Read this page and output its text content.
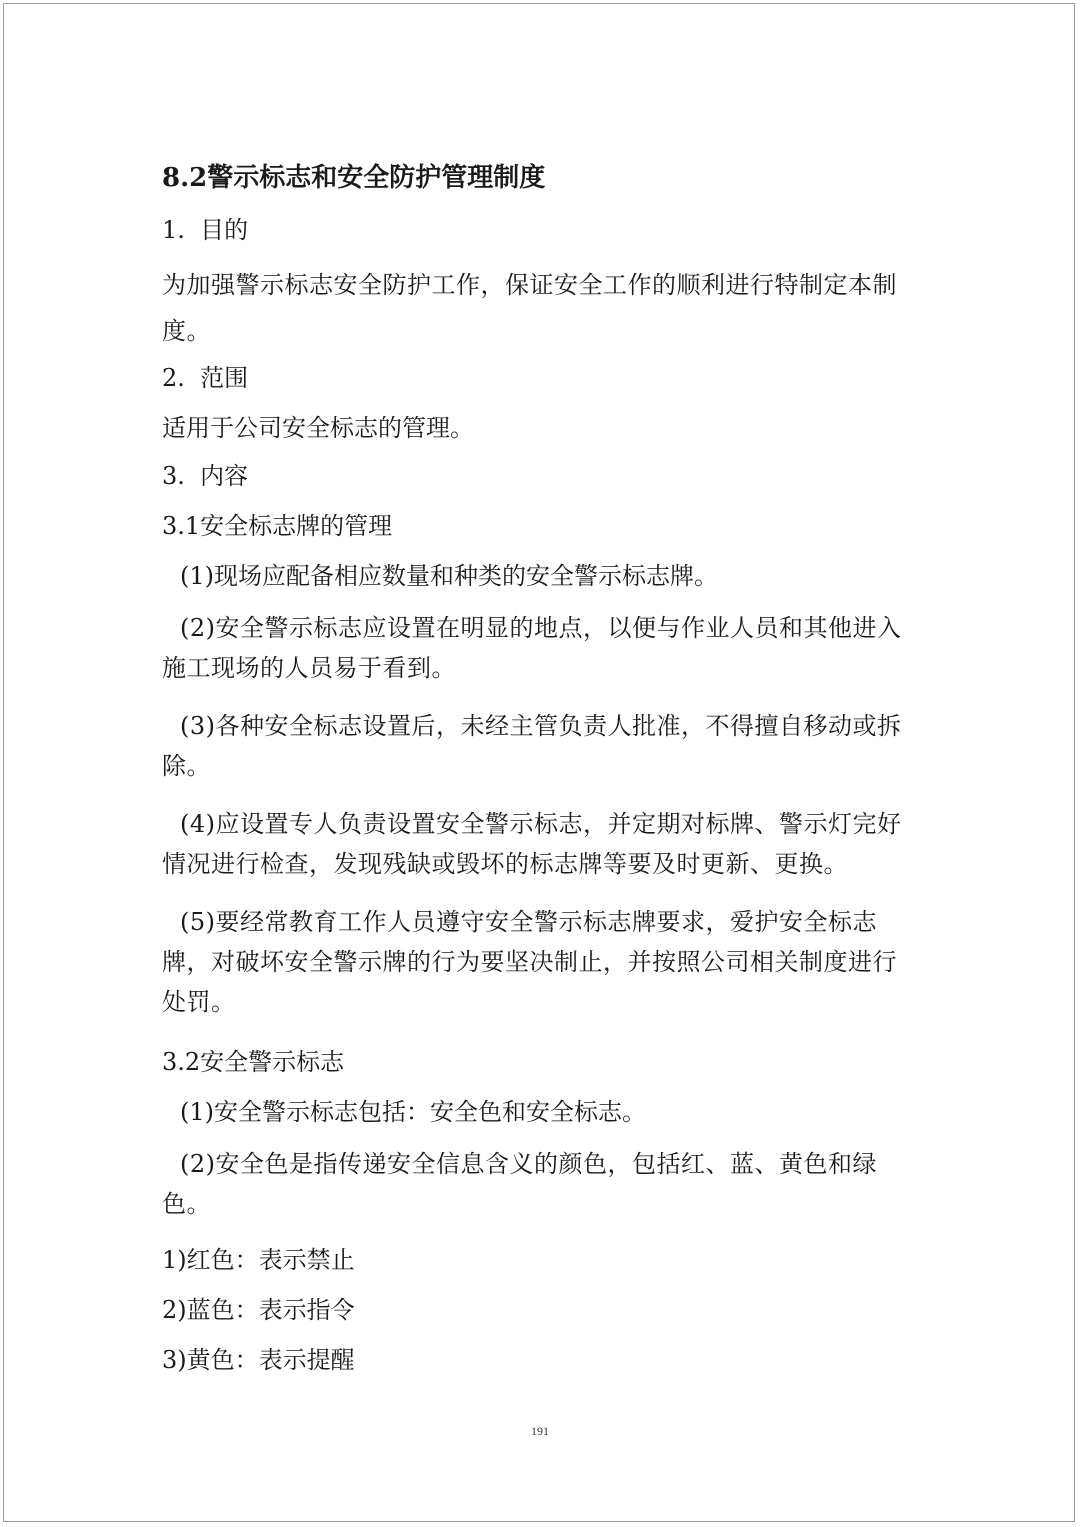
8.2警示标志和安全防护管理制度
1.  目的
为加强警示标志安全防护工作，保证安全工作的顺利进行特制定本制度。
2.  范围
适用于公司安全标志的管理。
3.  内容
3.1安全标志牌的管理
(1)现场应配备相应数量和种类的安全警示标志牌。
(2)安全警示标志应设置在明显的地点，以便与作业人员和其他进入施工现场的人员易于看到。
(3)各种安全标志设置后，未经主管负责人批准，不得擅自移动或拆除。
(4)应设置专人负责设置安全警示标志，并定期对标牌、警示灯完好情况进行检查，发现残缺或毁坏的标志牌等要及时更新、更换。
(5)要经常教育工作人员遵守安全警示标志牌要求，爱护安全标志牌，对破坏安全警示牌的行为要坚决制止，并按照公司相关制度进行处罚。
3.2安全警示标志
(1)安全警示标志包括：安全色和安全标志。
(2)安全色是指传递安全信息含义的颜色，包括红、蓝、黄色和绿色。
1)红色：表示禁止
2)蓝色：表示指令
3)黄色：表示提醒
191
